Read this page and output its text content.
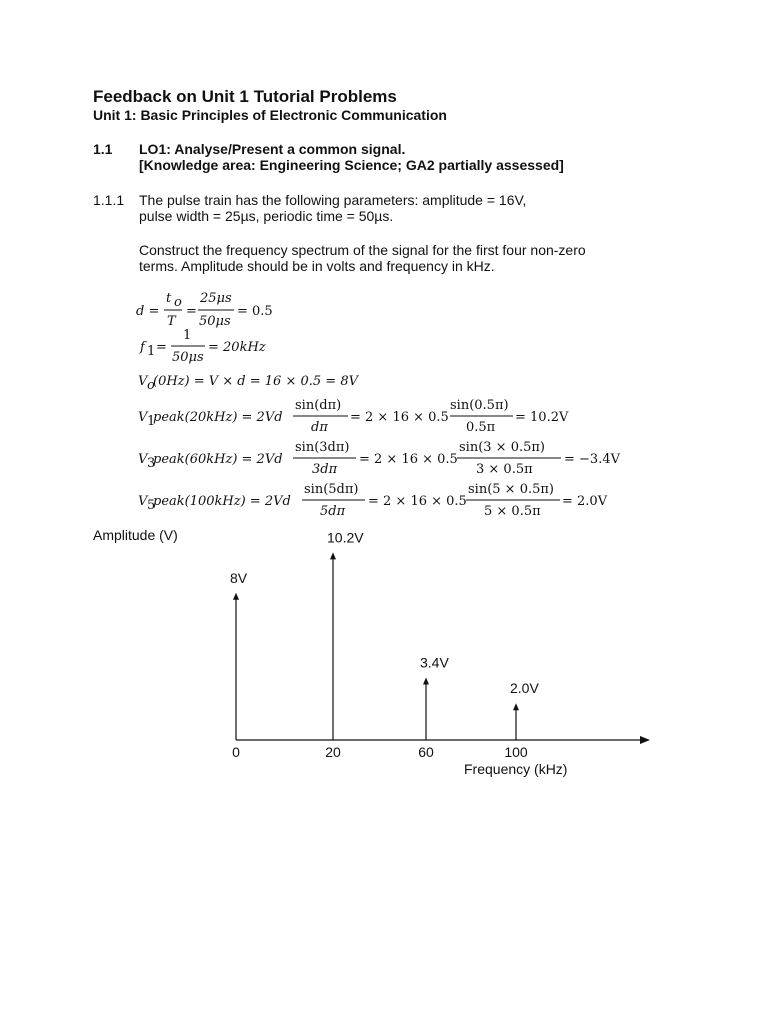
Feedback on Unit 1 Tutorial Problems
Unit 1: Basic Principles of Electronic Communication
1.1 LO1: Analyse/Present a common signal.
[Knowledge area: Engineering Science; GA2 partially assessed]
1.1.1 The pulse train has the following parameters: amplitude = 16V,
pulse width = 25µs, periodic time = 50µs.
Construct the frequency spectrum of the signal for the first four non-zero
terms. Amplitude should be in volts and frequency in kHz.
d =
t o
T
=
25μs
50μs
= 0.5
f 1 =
1
50μs
= 20kHz
V o
(0Hz) = V × d = 16 × 0.5 = 8V
V 1
peak(20kHz) = 2Vd
sin(dπ)
dπ
= 2 × 16 × 0.5
sin(0.5π)
0.5π
= 10.2V
V 3
peak(60kHz) = 2Vd
sin(3dπ)
3dπ
= 2 × 16 × 0.5
sin(3 × 0.5π)
3 × 0.5π
= −3.4V
V 5
peak(100kHz) = 2Vd
sin(5dπ)
5dπ
= 2 × 16 × 0.5
sin(5 × 0.5π)
5 × 0.5π
= 2.0V
Amplitude (V)
8V
0
10.2V
20
3.4V
60
2.0V
100
Frequency (kHz)
